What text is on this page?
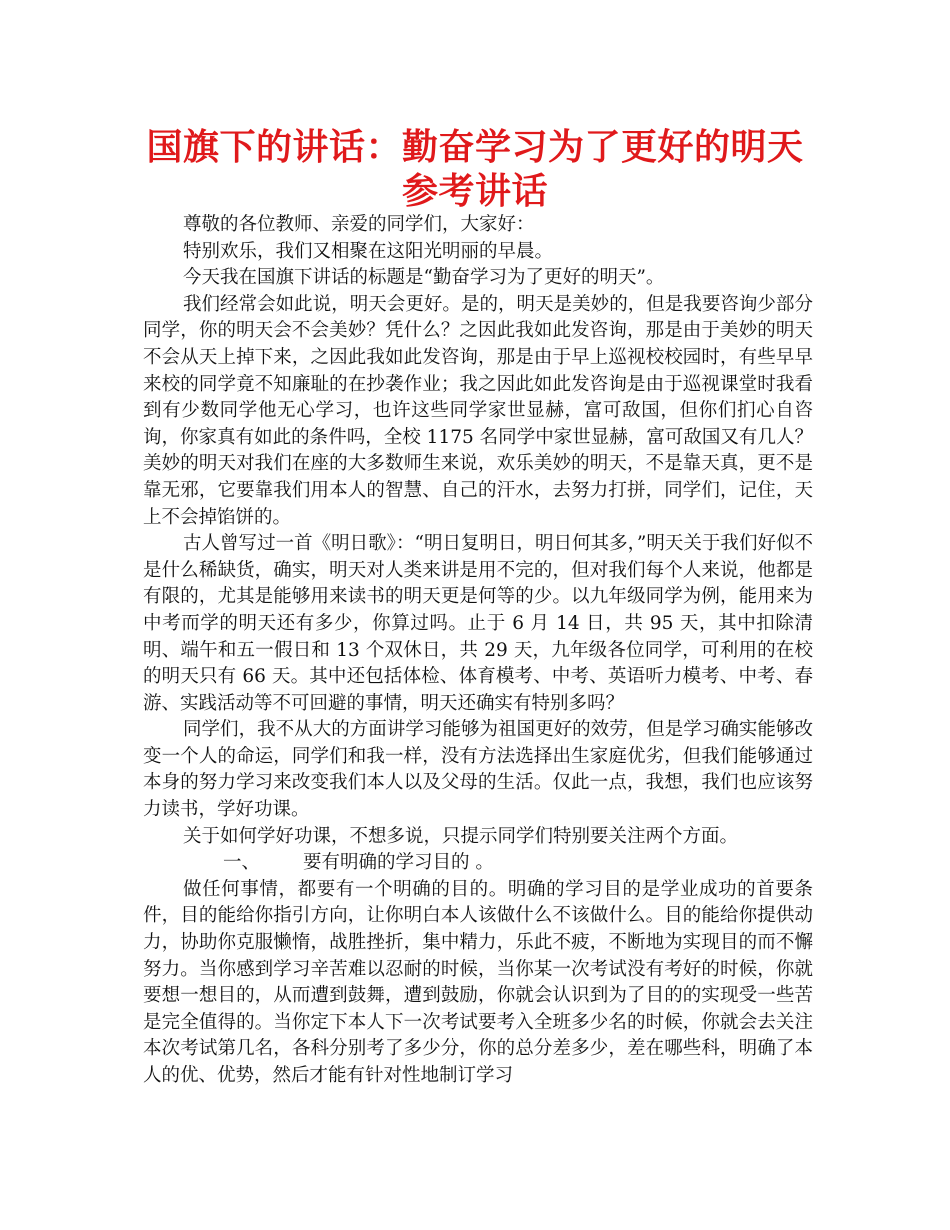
国旗下的讲话：勤奋学习为了更好的明天
参考讲话

尊敬的各位教师、亲爱的同学们，大家好：

特别欢乐，我们又相聚在这阳光明丽的早晨。

今天我在国旗下讲话的标题是“勤奋学习为了更好的明天”。

我们经常会如此说，明天会更好。是的，明天是美妙的，但是我要咨询少部分同学，你的明天会不会美妙？凭什么？之因此我如此发咨询，那是由于美妙的明天不会从天上掉下来，之因此我如此发咨询，那是由于早上巡视校校园时，有些早早来校的同学竟不知廉耻的在抄袭作业；我之因此如此发咨询是由于巡视课堂时我看到有少数同学他无心学习，也许这些同学家世显赫，富可敌国，但你们扪心自咨询，你家真有如此的条件吗，全校 1175 名同学中家世显赫，富可敌国又有几人？美妙的明天对我们在座的大多数师生来说，欢乐美妙的明天，不是靠天真，更不是靠无邪，它要靠我们用本人的智慧、自己的汗水，去努力打拼，同学们，记住，天上不会掉馅饼的。

古人曾写过一首《明日歌》：“明日复明日，明日何其多，”明天关于我们好似不是什么稀缺货，确实，明天对人类来讲是用不完的，但对我们每个人来说，他都是有限的，尤其是能够用来读书的明天更是何等的少。以九年级同学为例，能用来为中考而学的明天还有多少，你算过吗。止于 6 月 14 日，共 95 天，其中扣除清明、端午和五一假日和 13 个双休日，共 29 天，九年级各位同学，可利用的在校的明天只有 66 天。其中还包括体检、体育模考、中考、英语听力模考、中考、春游、实践活动等不可回避的事情，明天还确实有特别多吗？

同学们，我不从大的方面讲学习能够为祖国更好的效劳，但是学习确实能够改变一个人的命运，同学们和我一样，没有方法选择出生家庭优劣，但我们能够通过本身的努力学习来改变我们本人以及父母的生活。仅此一点，我想，我们也应该努力读书，学好功课。

关于如何学好功课，不想多说，只提示同学们特别要关注两个方面。

一、 要有明确的学习目的 。

做任何事情，都要有一个明确的目的。明确的学习目的是学业成功的首要条件，目的能给你指引方向，让你明白本人该做什么不该做什么。目的能给你提供动力，协助你克服懒惰，战胜挫折，集中精力，乐此不疲，不断地为实现目的而不懈努力。当你感到学习辛苦难以忍耐的时候，当你某一次考试没有考好的时候，你就要想一想目的，从而遭到鼓舞，遭到鼓励，你就会认识到为了目的的实现受一些苦是完全值得的。当你定下本人下一次考试要考入全班多少名的时候，你就会去关注本次考试第几名，各科分别考了多少分，你的总分差多少，差在哪些科，明确了本人的优、优势，然后才能有针对性地制订学习
